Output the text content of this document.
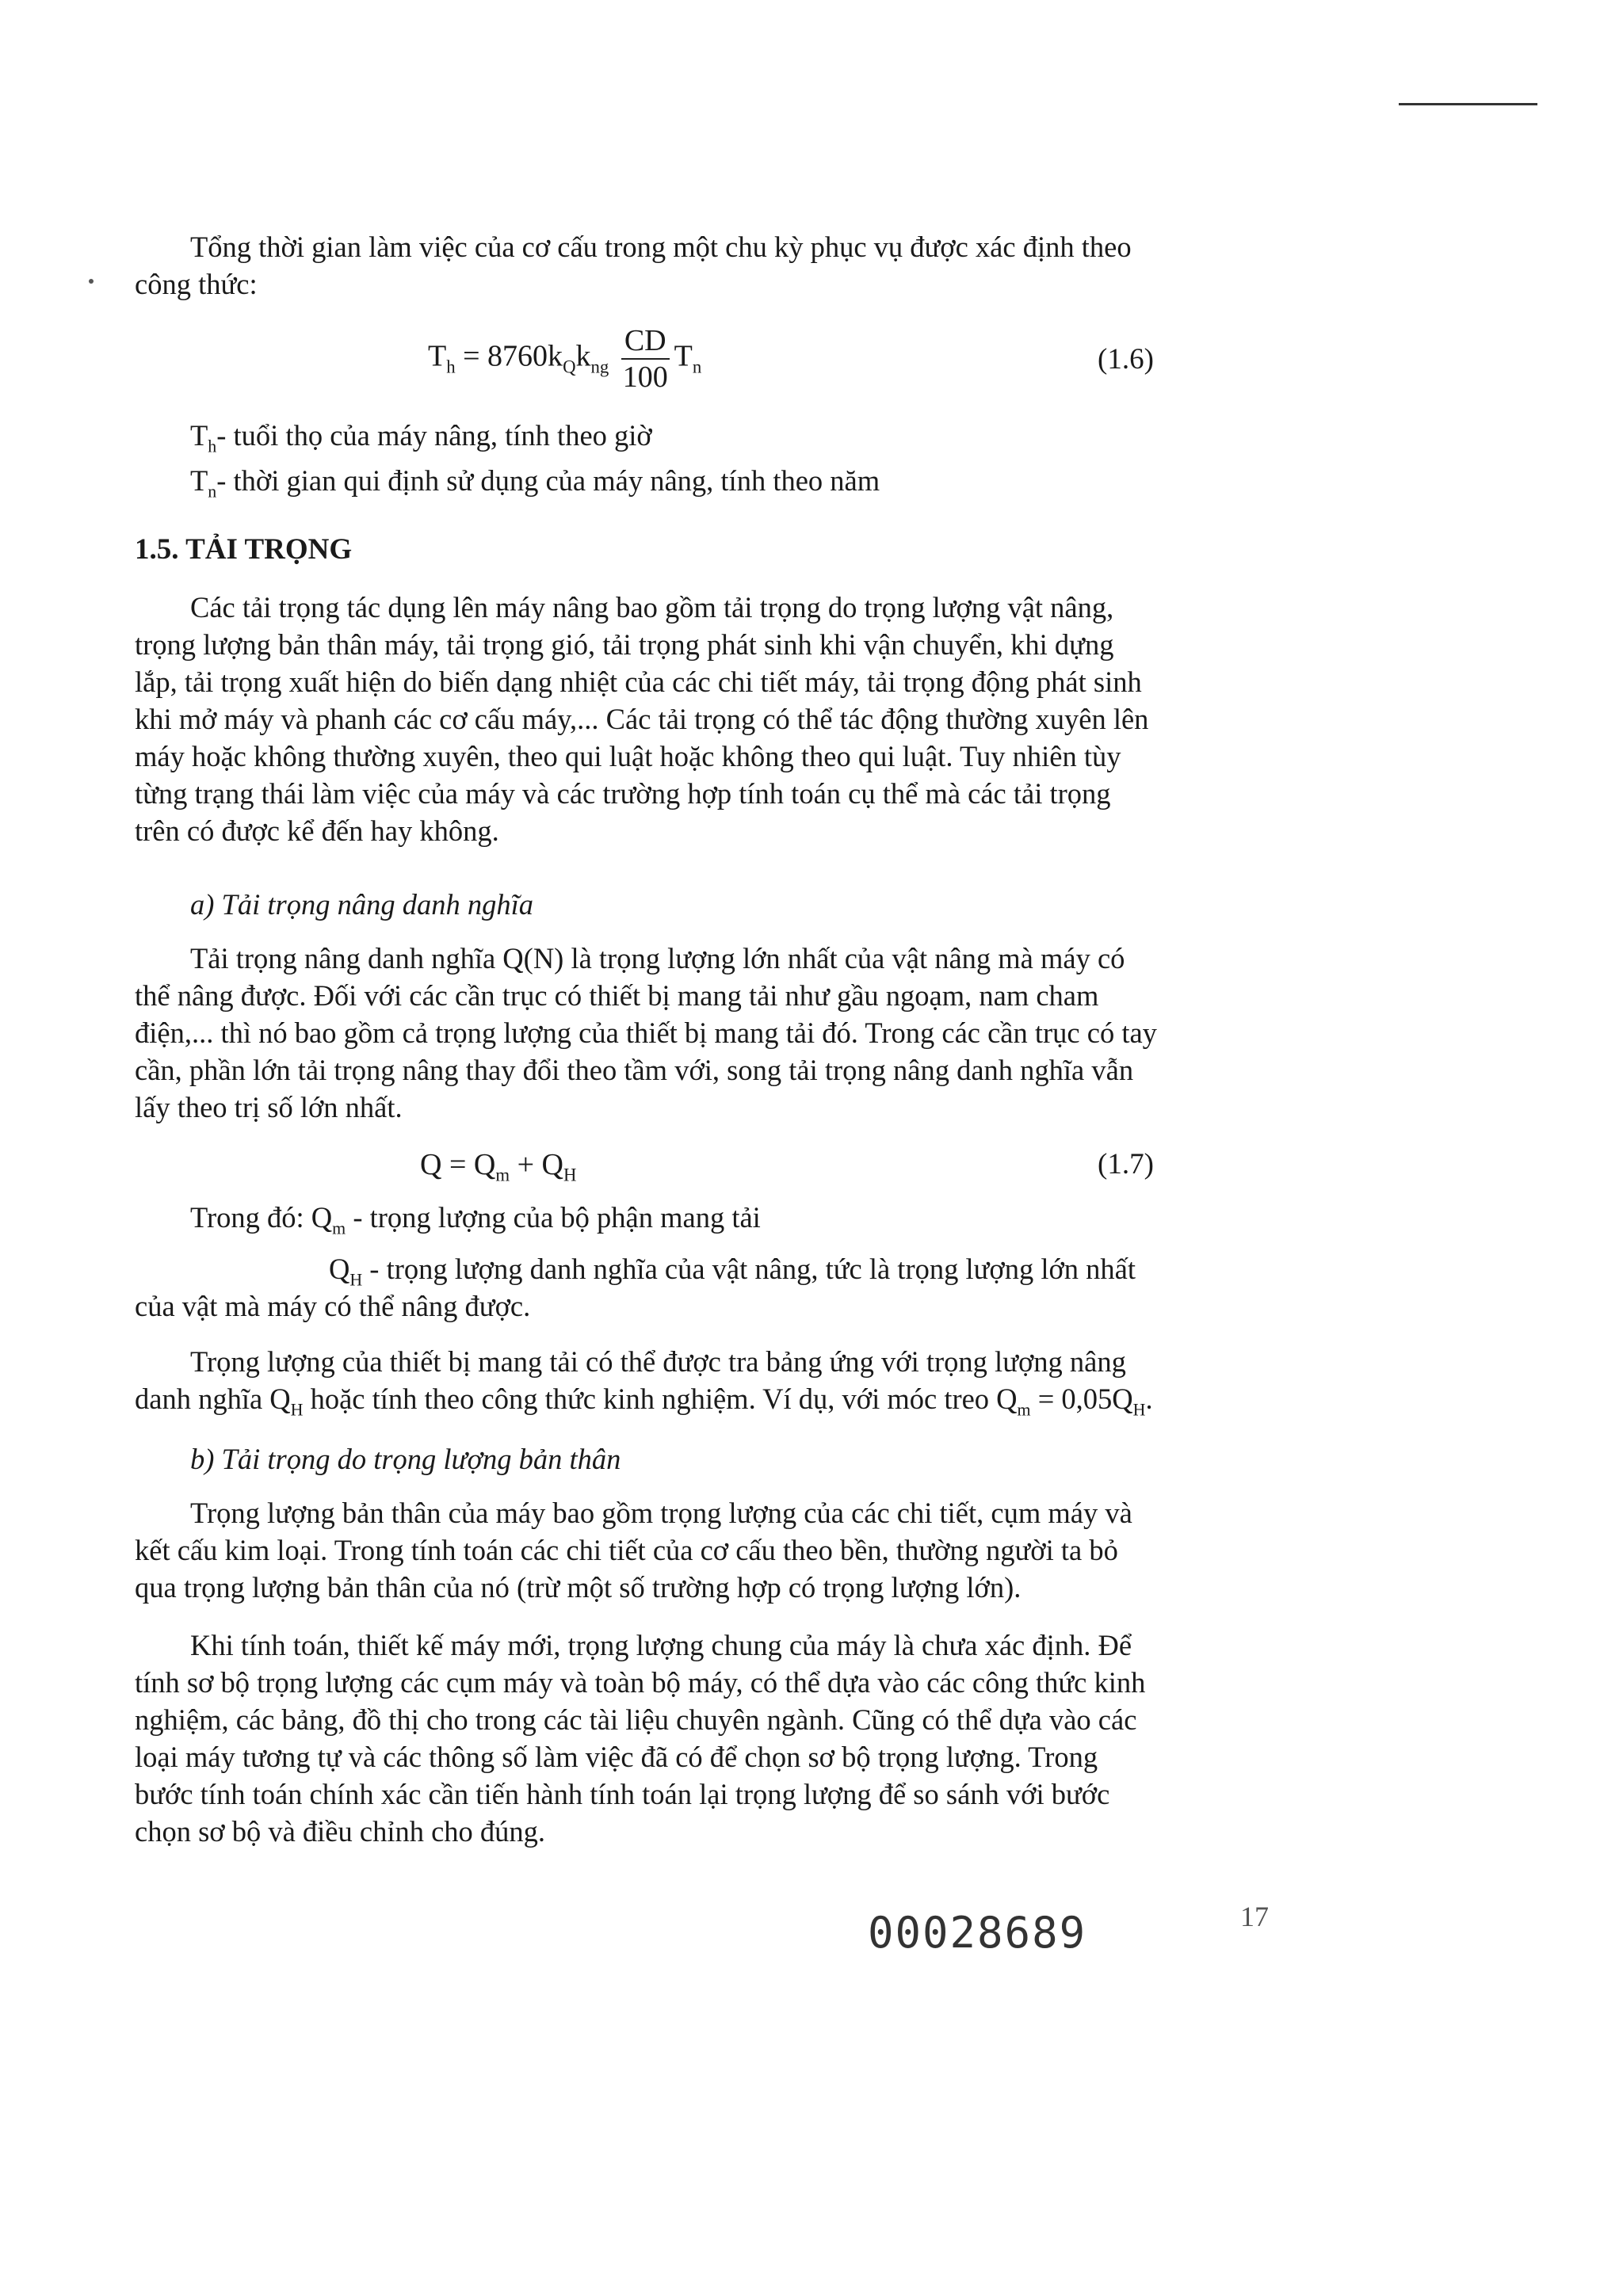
Tổng thời gian làm việc của cơ cấu trong một chu kỳ phục vụ được xác định theo
công thức:
$T_h = 8760k_Qk_{ng} \frac{CD}{100} T_n$	(1.6)
$T_h-$ tuổi thọ của máy nâng, tính theo giờ
$T_n-$ thời gian qui định sử dụng của máy nâng, tính theo năm
1.5. TẢI TRỌNG
Các tải trọng tác dụng lên máy nâng bao gồm tải trọng do trọng lượng vật nâng,
trọng lượng bản thân máy, tải trọng gió, tải trọng phát sinh khi vận chuyển, khi dựng
lắp, tải trọng xuất hiện do biến dạng nhiệt của các chi tiết máy, tải trọng động phát sinh
khi mở máy và phanh các cơ cấu máy,... Các tải trọng có thể tác động thường xuyên lên
máy hoặc không thường xuyên, theo qui luật hoặc không theo qui luật. Tuy nhiên tùy
từng trạng thái làm việc của máy và các trường hợp tính toán cụ thể mà các tải trọng
trên có được kể đến hay không.
a) Tải trọng nâng danh nghĩa
Tải trọng nâng danh nghĩa Q(N) là trọng lượng lớn nhất của vật nâng mà máy có
thể nâng được. Đối với các cần trục có thiết bị mang tải như gầu ngoạm, nam cham
điện,... thì nó bao gồm cả trọng lượng của thiết bị mang tải đó. Trong các cần trục có tay
cần, phần lớn tải trọng nâng thay đổi theo tầm với, song tải trọng nâng danh nghĩa vẫn
lấy theo trị số lớn nhất.
$Q = Q_m + Q_H$	(1.7)
Trong đó: $Q_m$ - trọng lượng của bộ phận mang tải
$Q_H$ - trọng lượng danh nghĩa của vật nâng, tức là trọng lượng lớn nhất
của vật mà máy có thể nâng được.
Trọng lượng của thiết bị mang tải có thể được tra bảng ứng với trọng lượng nâng
danh nghĩa $Q_H$ hoặc tính theo công thức kinh nghiệm. Ví dụ, với móc treo $Q_m = 0,05Q_H$.
b) Tải trọng do trọng lượng bản thân
Trọng lượng bản thân của máy bao gồm trọng lượng của các chi tiết, cụm máy và
kết cấu kim loại. Trong tính toán các chi tiết của cơ cấu theo bền, thường người ta bỏ
qua trọng lượng bản thân của nó (trừ một số trường hợp có trọng lượng lớn).
Khi tính toán, thiết kế máy mới, trọng lượng chung của máy là chưa xác định. Để
tính sơ bộ trọng lượng các cụm máy và toàn bộ máy, có thể dựa vào các công thức kinh
nghiệm, các bảng, đồ thị cho trong các tài liệu chuyên ngành. Cũng có thể dựa vào các
loại máy tương tự và các thông số làm việc đã có để chọn sơ bộ trọng lượng. Trong
bước tính toán chính xác cần tiến hành tính toán lại trọng lượng để so sánh với bước
chọn sơ bộ và điều chỉnh cho đúng.
00028689	17
